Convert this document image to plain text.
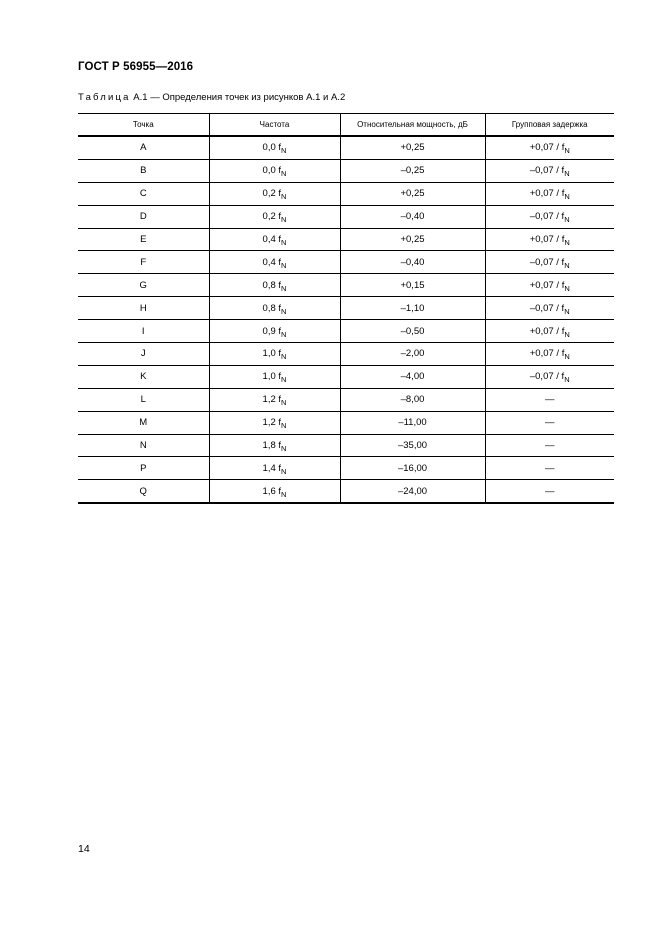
ГОСТ Р 56955—2016
Таблица А.1 — Определения точек из рисунков А.1 и А.2
Точка	Частота	Относительная мощность, дБ	Групповая задержка
A	0,0 $f_N$	+0,25	$+0,07 / f_N$
B	0,0 $f_N$	–0,25	$-0,07 / f_N$
C	0,2 $f_N$	+0,25	$+0,07 / f_N$
D	0,2 $f_N$	–0,40	$-0,07 / f_N$
E	0,4 $f_N$	+0,25	$+0,07 / f_N$
F	0,4 $f_N$	–0,40	$-0,07 / f_N$
G	0,8 $f_N$	+0,15	$+0,07 / f_N$
H	0,8 $f_N$	–1,10	$-0,07 / f_N$
I	0,9 $f_N$	–0,50	$+0,07 / f_N$
J	1,0 $f_N$	–2,00	$+0,07 / f_N$
K	1,0 $f_N$	–4,00	$-0,07 / f_N$
L	1,2 $f_N$	–8,00	—
M	1,2 $f_N$	–11,00	—
N	1,8 $f_N$	–35,00	—
P	1,4 $f_N$	–16,00	—
Q	1,6 $f_N$	–24,00	—
14
